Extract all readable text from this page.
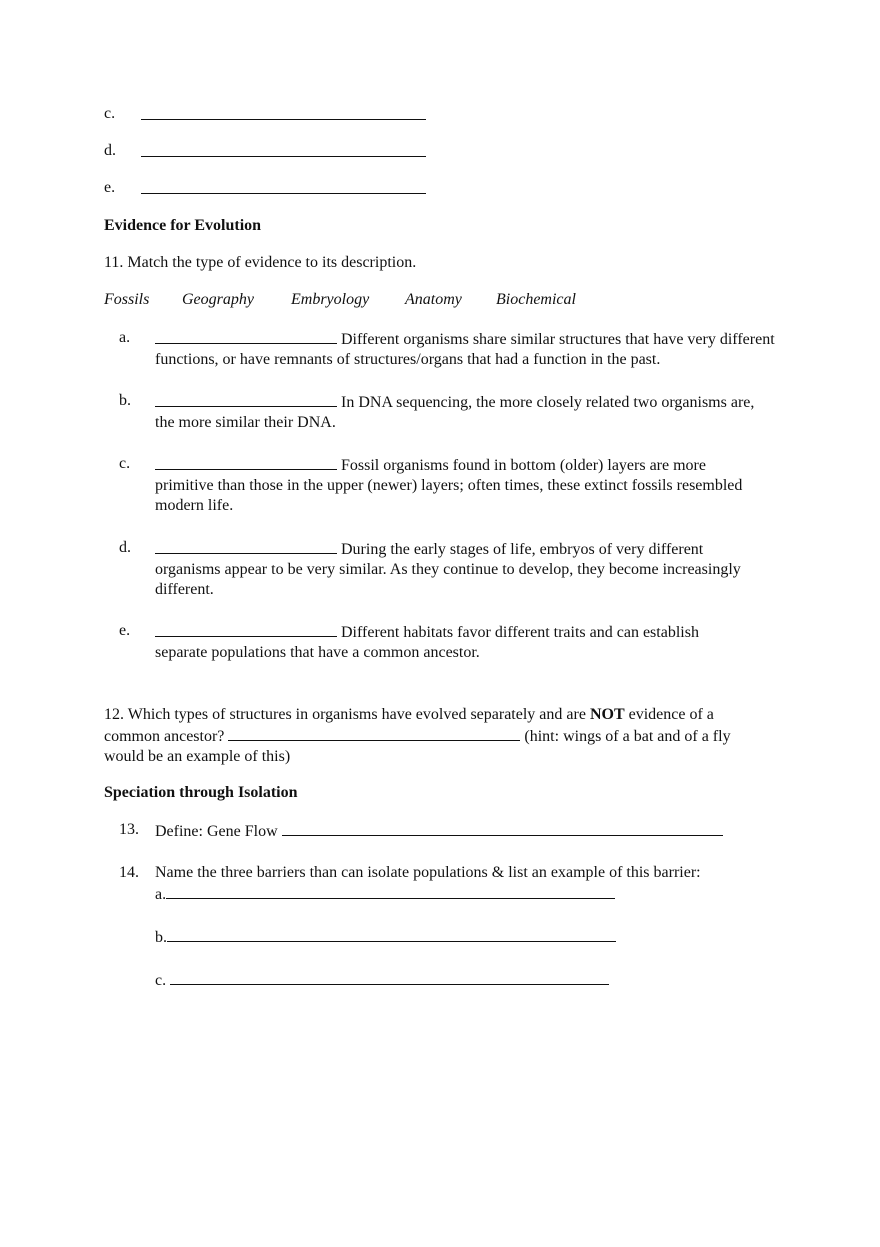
c.
d.
e.
Evidence for Evolution
11. Match the type of evidence to its description.
Fossils Geography Embryology Anatomy Biochemical
a.	Different organisms share similar structures that have very different functions, or have remnants of structures/organs that had a function in the past.
b.	In DNA sequencing, the more closely related two organisms are, the more similar their DNA.
c.	Fossil organisms found in bottom (older) layers are more primitive than those in the upper (newer) layers; often times, these extinct fossils resembled modern life.
d.	During the early stages of life, embryos of very different organisms appear to be very similar. As they continue to develop, they become increasingly different.
e.	Different habitats favor different traits and can establish separate populations that have a common ancestor.
12. Which types of structures in organisms have evolved separately and are NOT evidence of a common ancestor?	(hint: wings of a bat and of a fly would be an example of this)
Speciation through Isolation
13. Define: Gene Flow
14. Name the three barriers than can isolate populations & list an example of this barrier:
a.
b.
c.
